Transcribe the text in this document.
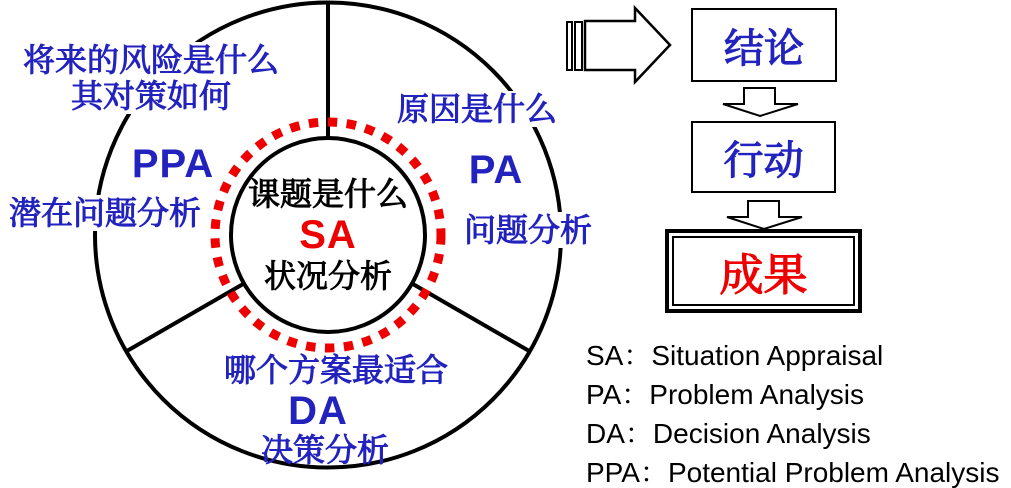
将来的风险是什么
其对策如何
PPA
潜在问题分析
原因是什么
PA
问题分析
课题是什么
SA
状况分析
哪个方案最适合
DA
决策分析
结论
行动
成果
SA：Situation Appraisal
PA：Problem Analysis
DA：Decision Analysis
PPA：Potential Problem Analysis
